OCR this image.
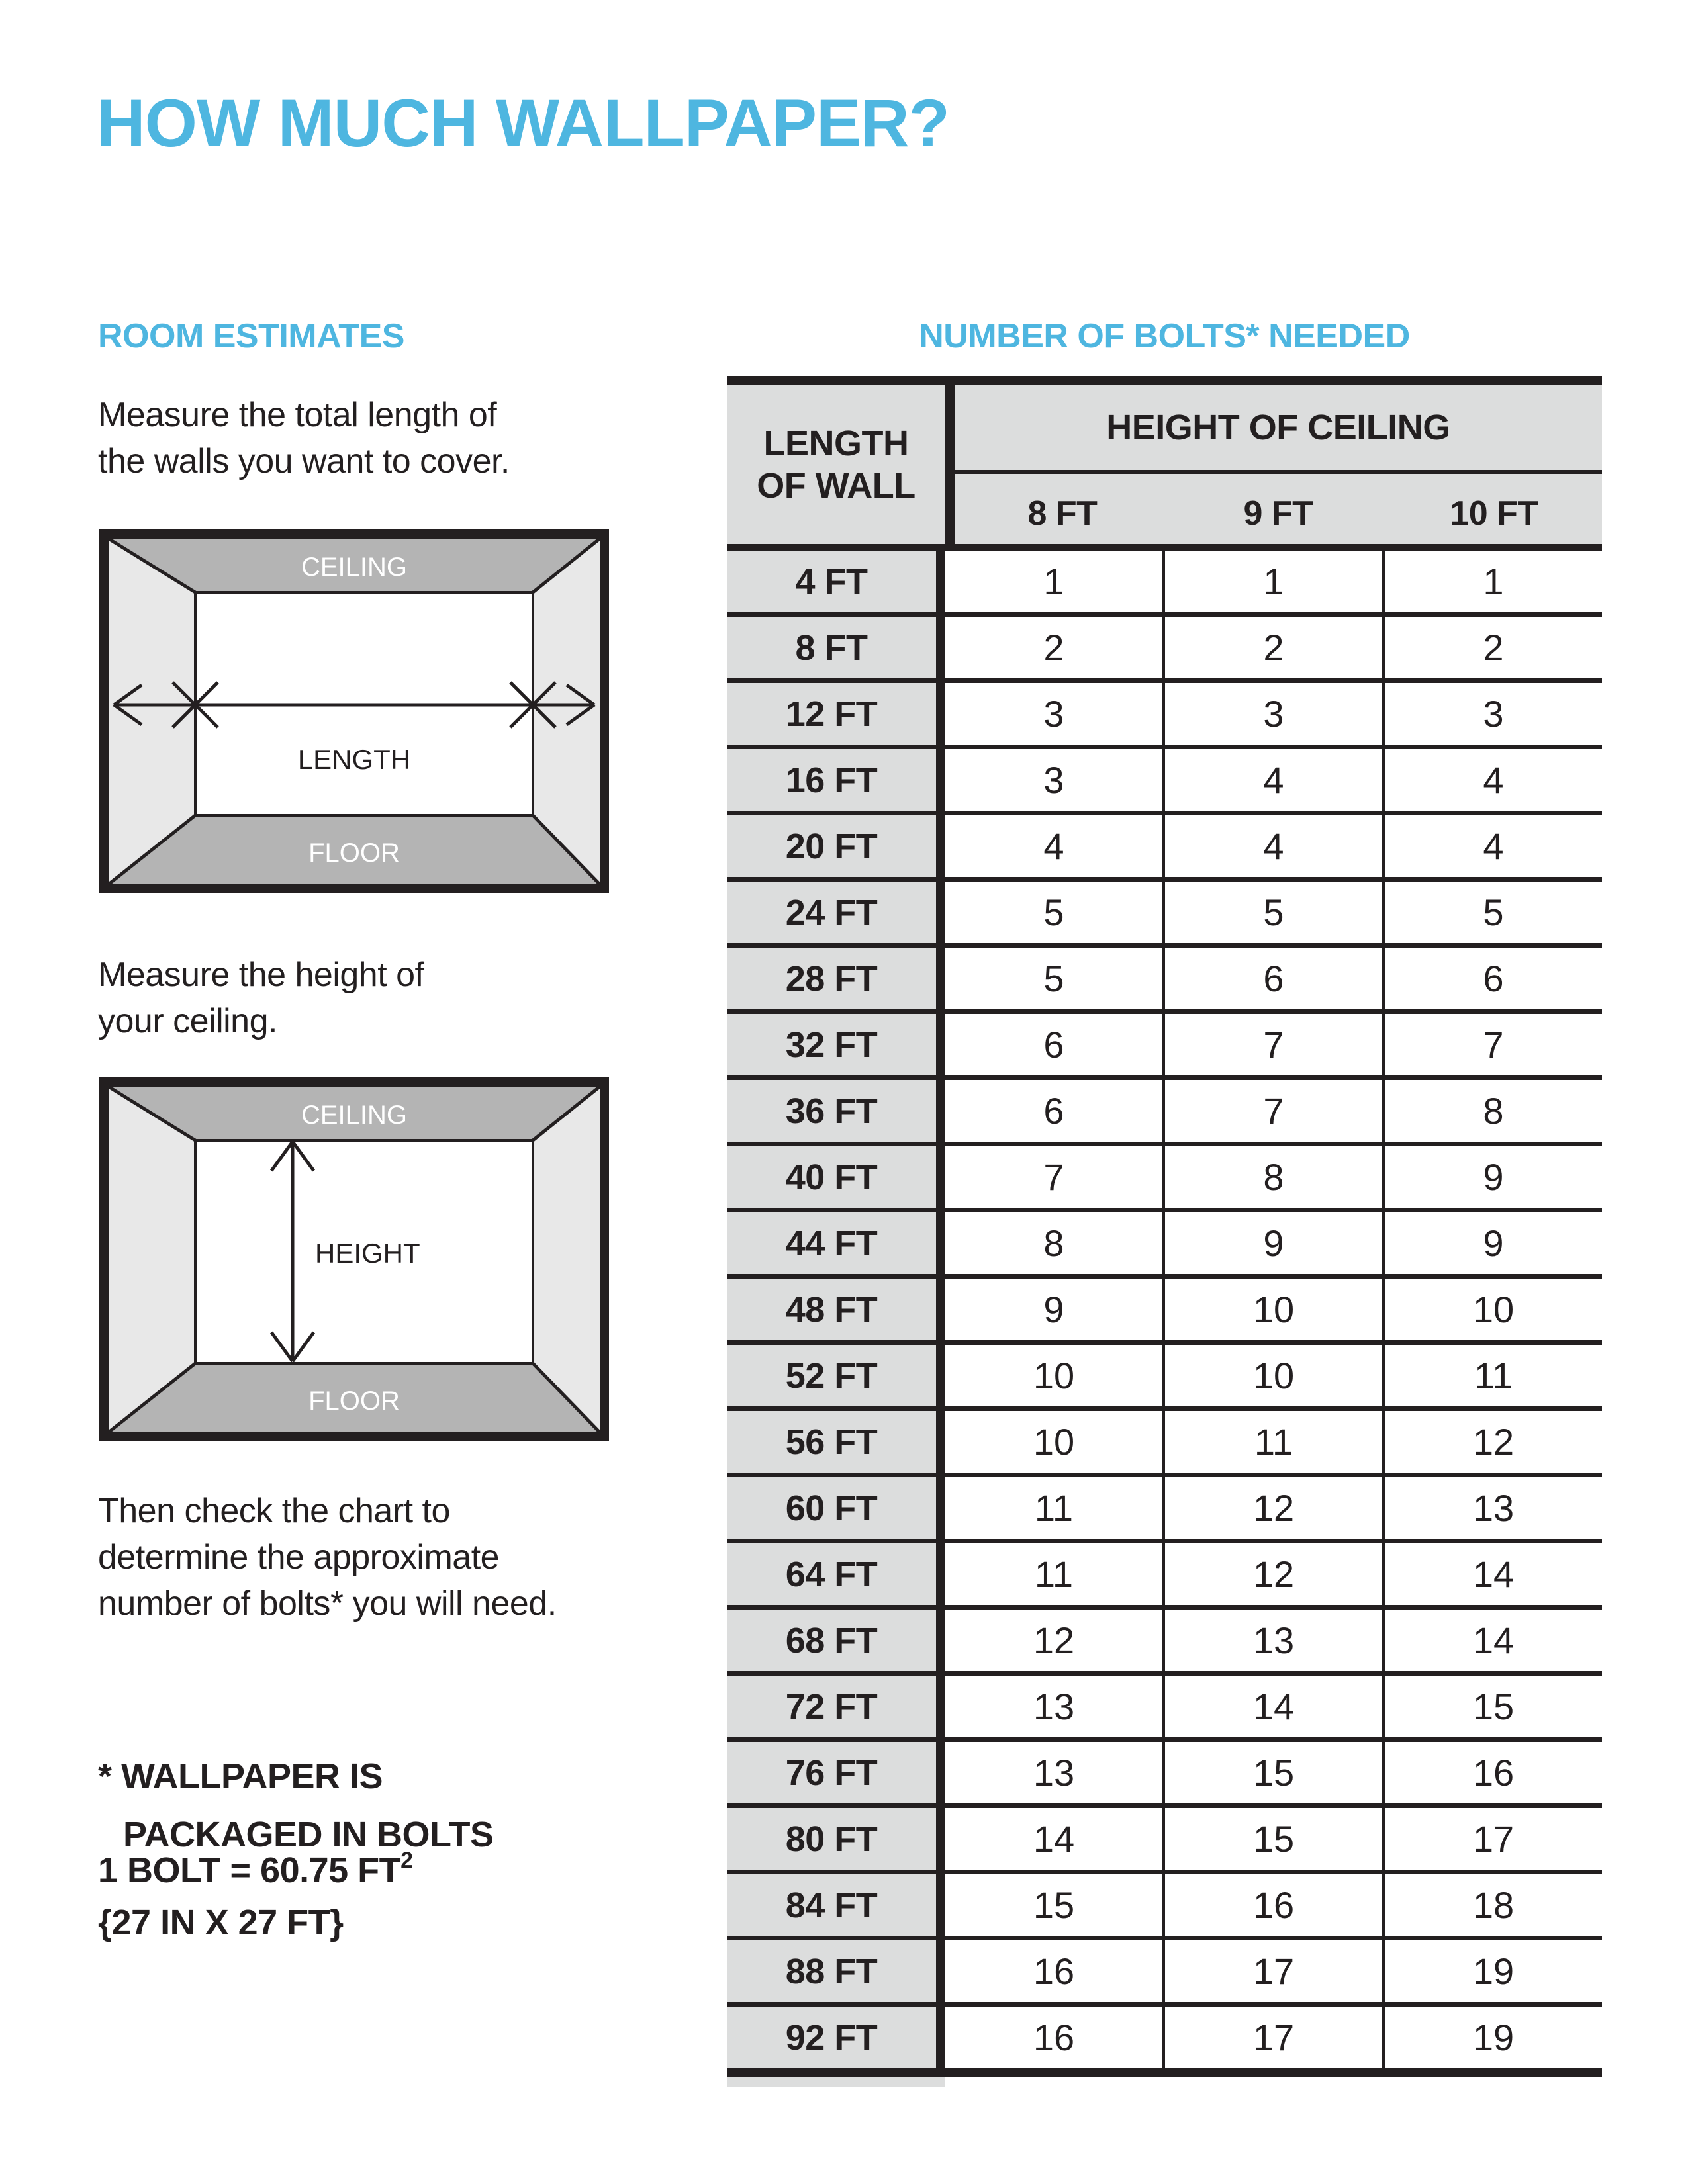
HOW MUCH WALLPAPER?
ROOM ESTIMATES

Measure the total length of
the walls you want to cover.

CEILING
FLOOR
LENGTH

Measure the height of
your ceiling.

CEILING
FLOOR
HEIGHT

Then check the chart to
determine the approximate
number of bolts* you will need.

* WALLPAPER IS
PACKAGED IN BOLTS

1 BOLT = 60.75 $FT^2$
{27 IN X 27 FT}

NUMBER OF BOLTS* NEEDED
LENGTH
OF WALL
HEIGHT OF CEILING
8 FT	9 FT	10 FT
4 FT	1	1	1
8 FT	2	2	2
12 FT	3	3	3
16 FT	3	4	4
20 FT	4	4	4
24 FT	5	5	5
28 FT	5	6	6
32 FT	6	7	7
36 FT	6	7	8
40 FT	7	8	9
44 FT	8	9	9
48 FT	9	10	10
52 FT	10	10	11
56 FT	10	11	12
60 FT	11	12	13
64 FT	11	12	14
68 FT	12	13	14
72 FT	13	14	15
76 FT	13	15	16
80 FT	14	15	17
84 FT	15	16	18
88 FT	16	17	19
92 FT	16	17	19
